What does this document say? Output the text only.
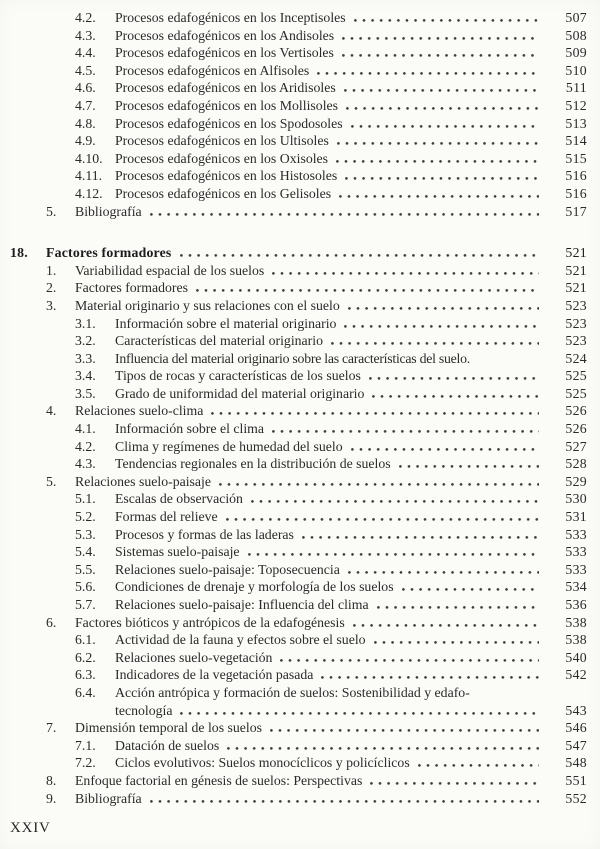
4.2.	Procesos edafogénicos en los Inceptisoles	507
4.3.	Procesos edafogénicos en los Andisoles	508
4.4.	Procesos edafogénicos en los Vertisoles	509
4.5.	Procesos edafogénicos en Alfisoles	510
4.6.	Procesos edafogénicos en los Aridisoles	511
4.7.	Procesos edafogénicos en los Mollisoles	512
4.8.	Procesos edafogénicos en los Spodosoles	513
4.9.	Procesos edafogénicos en los Ultisoles	514
4.10. Procesos edafogénicos en los Oxisoles	515
4.11. Procesos edafogénicos en los Histosoles	516
4.12. Procesos edafogénicos en los Gelisoles	516
5.	Bibliografía	517
18.	Factores formadores	521
1.	Variabilidad espacial de los suelos	521
2.	Factores formadores	521
3.	Material originario y sus relaciones con el suelo	523
3.1.	Información sobre el material originario	523
3.2.	Características del material originario	523
3.3.	Influencia del material originario sobre las características del suelo.	524
3.4.	Tipos de rocas y características de los suelos	525
3.5.	Grado de uniformidad del material originario	525
4.	Relaciones suelo-clima	526
4.1.	Información sobre el clima	526
4.2.	Clima y regímenes de humedad del suelo	527
4.3.	Tendencias regionales en la distribución de suelos	528
5.	Relaciones suelo-paisaje	529
5.1.	Escalas de observación	530
5.2.	Formas del relieve	531
5.3.	Procesos y formas de las laderas	533
5.4.	Sistemas suelo-paisaje	533
5.5.	Relaciones suelo-paisaje: Toposecuencia	533
5.6.	Condiciones de drenaje y morfología de los suelos	534
5.7.	Relaciones suelo-paisaje: Influencia del clima	536
6.	Factores bióticos y antrópicos de la edafogénesis	538
6.1.	Actividad de la fauna y efectos sobre el suelo	538
6.2.	Relaciones suelo-vegetación	540
6.3.	Indicadores de la vegetación pasada	542
6.4.	Acción antrópica y formación de suelos: Sostenibilidad y edafo-
tecnología	543
7.	Dimensión temporal de los suelos	546
7.1.	Datación de suelos	547
7.2.	Ciclos evolutivos: Suelos monocíclicos y policíclicos	548
8.	Enfoque factorial en génesis de suelos: Perspectivas	551
9.	Bibliografía	552
XXIV
